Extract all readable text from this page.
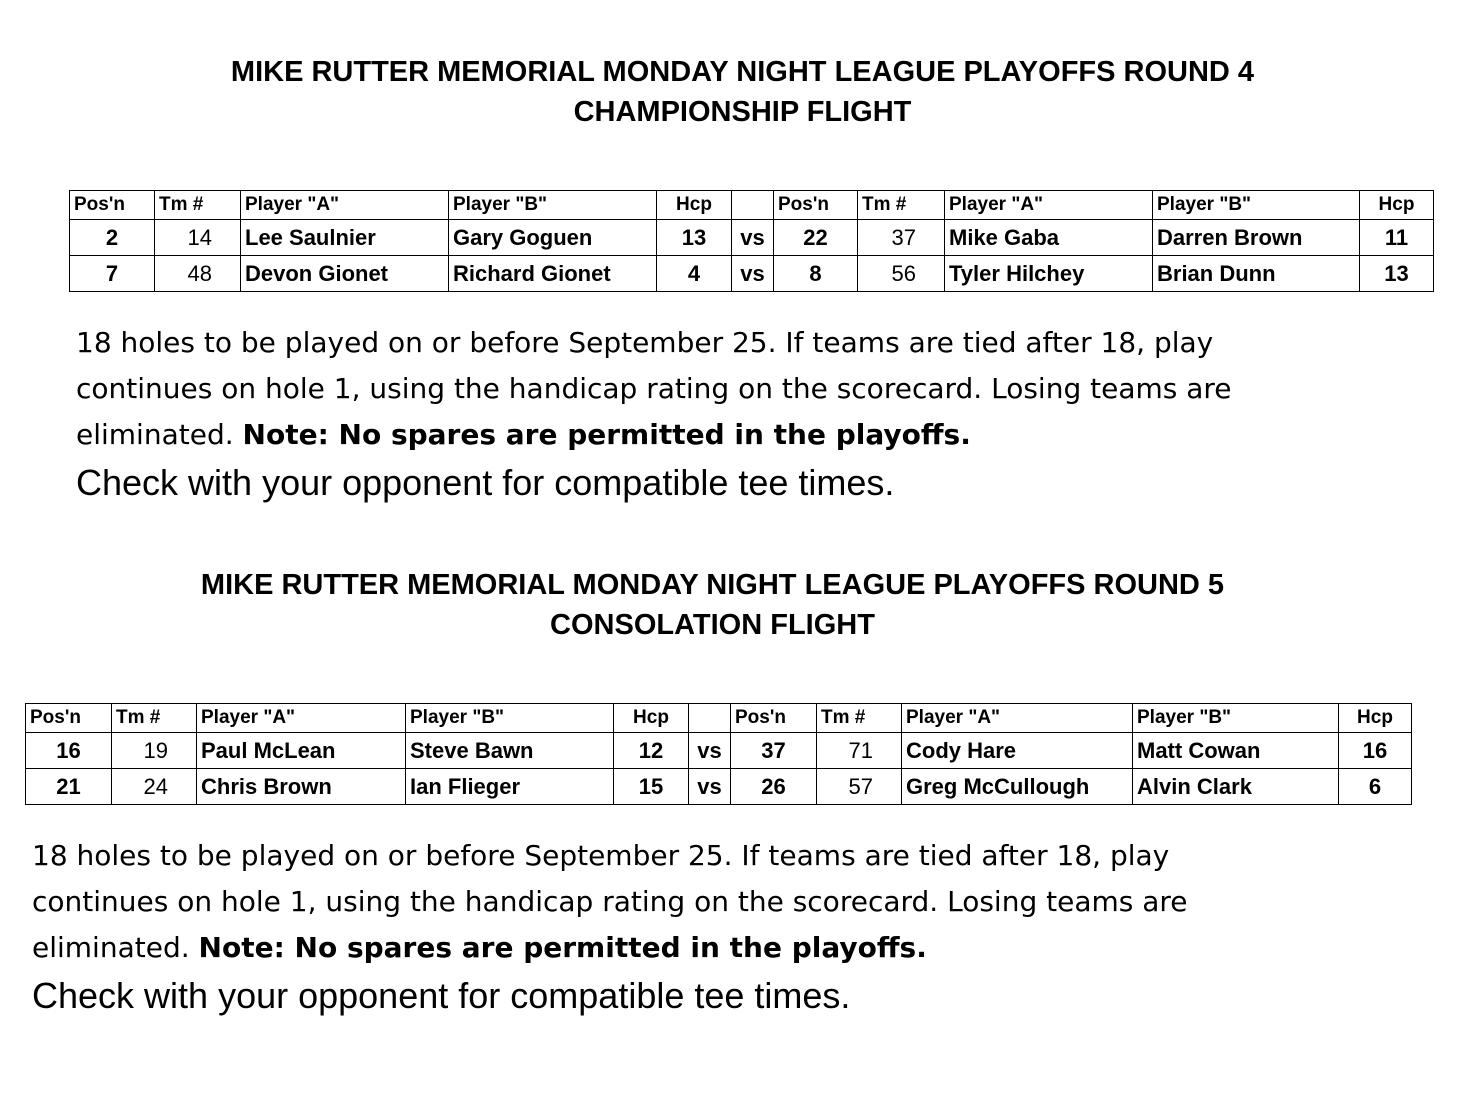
MIKE RUTTER MEMORIAL MONDAY NIGHT LEAGUE PLAYOFFS ROUND 4
CHAMPIONSHIP FLIGHT
Pos'n	Tm #	Player "A"	Player "B"	Hcp		Pos'n	Tm #	Player "A"	Player "B"	Hcp
2	14	Lee Saulnier	Gary Goguen	13	vs	22	37	Mike Gaba	Darren Brown	11
7	48	Devon Gionet	Richard Gionet	4	vs	8	56	Tyler Hilchey	Brian Dunn	13
18 holes to be played on or before September 25. If teams are tied after 18, play continues on hole 1, using the handicap rating on the scorecard. Losing teams are eliminated. Note: No spares are permitted in the playoffs.
Check with your opponent for compatible tee times.
MIKE RUTTER MEMORIAL MONDAY NIGHT LEAGUE PLAYOFFS ROUND 5
CONSOLATION FLIGHT
Pos'n	Tm #	Player "A"	Player "B"	Hcp		Pos'n	Tm #	Player "A"	Player "B"	Hcp
16	19	Paul McLean	Steve Bawn	12	vs	37	71	Cody Hare	Matt Cowan	16
21	24	Chris Brown	Ian Flieger	15	vs	26	57	Greg McCullough	Alvin Clark	6
18 holes to be played on or before September 25. If teams are tied after 18, play continues on hole 1, using the handicap rating on the scorecard. Losing teams are eliminated. Note: No spares are permitted in the playoffs.
Check with your opponent for compatible tee times.
